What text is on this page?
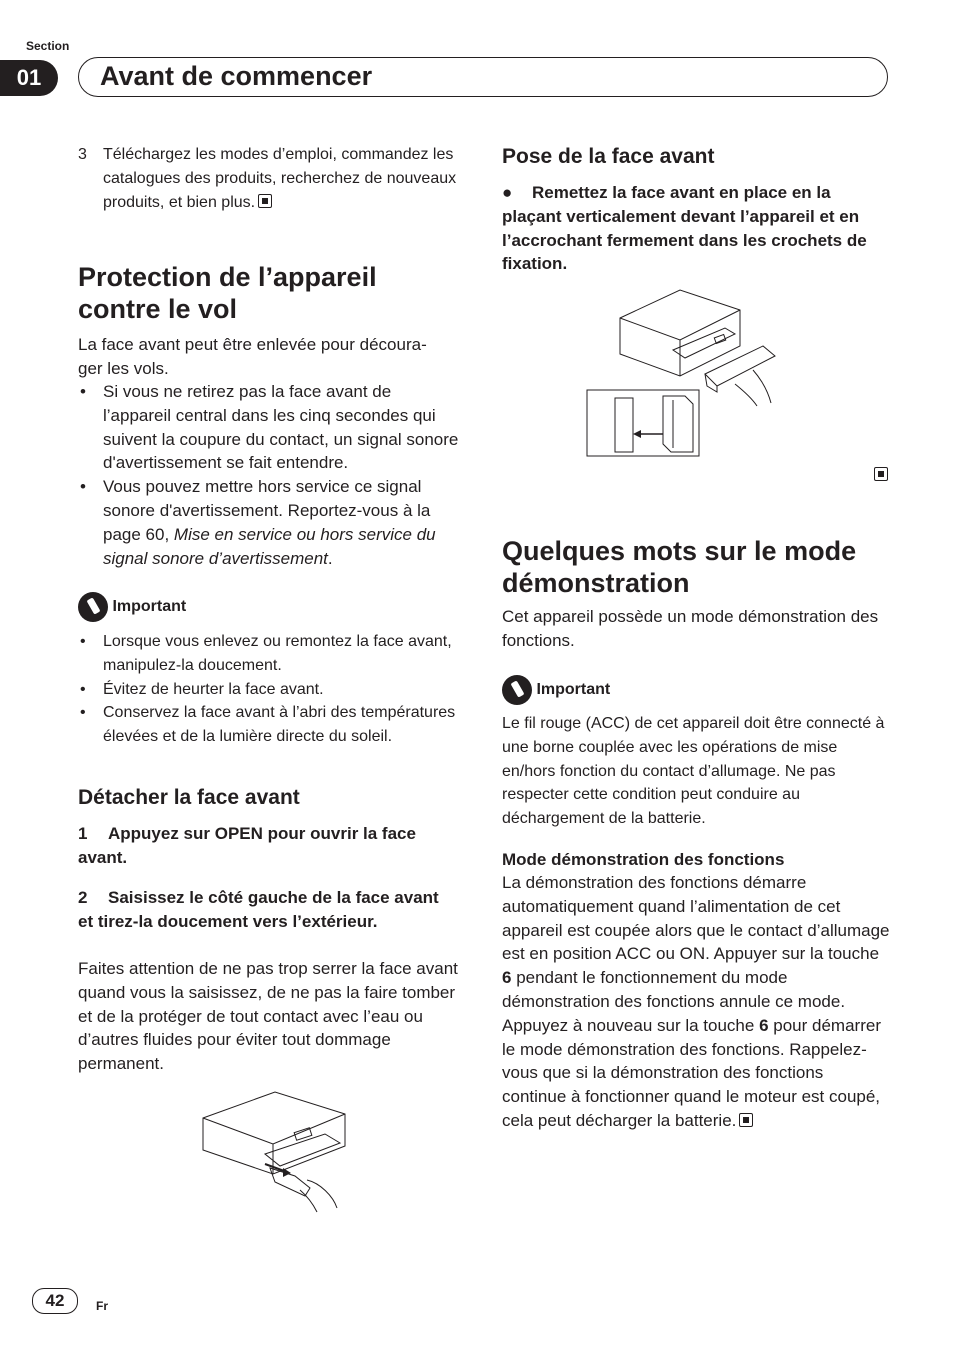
Section
01	Avant de commencer
3	Téléchargez les modes d’emploi, commandez les catalogues des produits, recherchez de nouveaux produits, et bien plus.
Protection de l’appareil
contre le vol
La face avant peut être enlevée pour découra-
ger les vols.
• Si vous ne retirez pas la face avant de l’appareil central dans les cinq secondes qui suivent la coupure du contact, un signal sonore d'avertissement se fait entendre.
• Vous pouvez mettre hors service ce signal sonore d'avertissement. Reportez-vous à la page 60, Mise en service ou hors service du signal sonore d’avertissement.
Important
• Lorsque vous enlevez ou remontez la face avant, manipulez-la doucement.
• Évitez de heurter la face avant.
• Conservez la face avant à l’abri des températures élevées et de la lumière directe du soleil.
Détacher la face avant
1 Appuyez sur OPEN pour ouvrir la face avant.
2 Saisissez le côté gauche de la face avant et tirez-la doucement vers l’extérieur.
Faites attention de ne pas trop serrer la face avant quand vous la saisissez, de ne pas la faire tomber et de la protéger de tout contact avec l’eau ou d’autres fluides pour éviter tout dommage permanent.
Pose de la face avant
● Remettez la face avant en place en la plaçant verticalement devant l’appareil et en l’accrochant fermement dans les crochets de fixation.
Quelques mots sur le mode
démonstration
Cet appareil possède un mode démonstration des fonctions.
Important
Le fil rouge (ACC) de cet appareil doit être connecté à une borne couplée avec les opérations de mise en/hors fonction du contact d’allumage. Ne pas respecter cette condition peut conduire au déchargement de la batterie.
Mode démonstration des fonctions
La démonstration des fonctions démarre automatiquement quand l’alimentation de cet appareil est coupée alors que le contact d’allumage est en position ACC ou ON. Appuyer sur la touche 6 pendant le fonctionnement du mode démonstration des fonctions annule ce mode. Appuyez à nouveau sur la touche 6 pour démarrer le mode démonstration des fonctions. Rappelez-vous que si la démonstration des fonctions continue à fonctionner quand le moteur est coupé, cela peut décharger la batterie.
42	Fr
